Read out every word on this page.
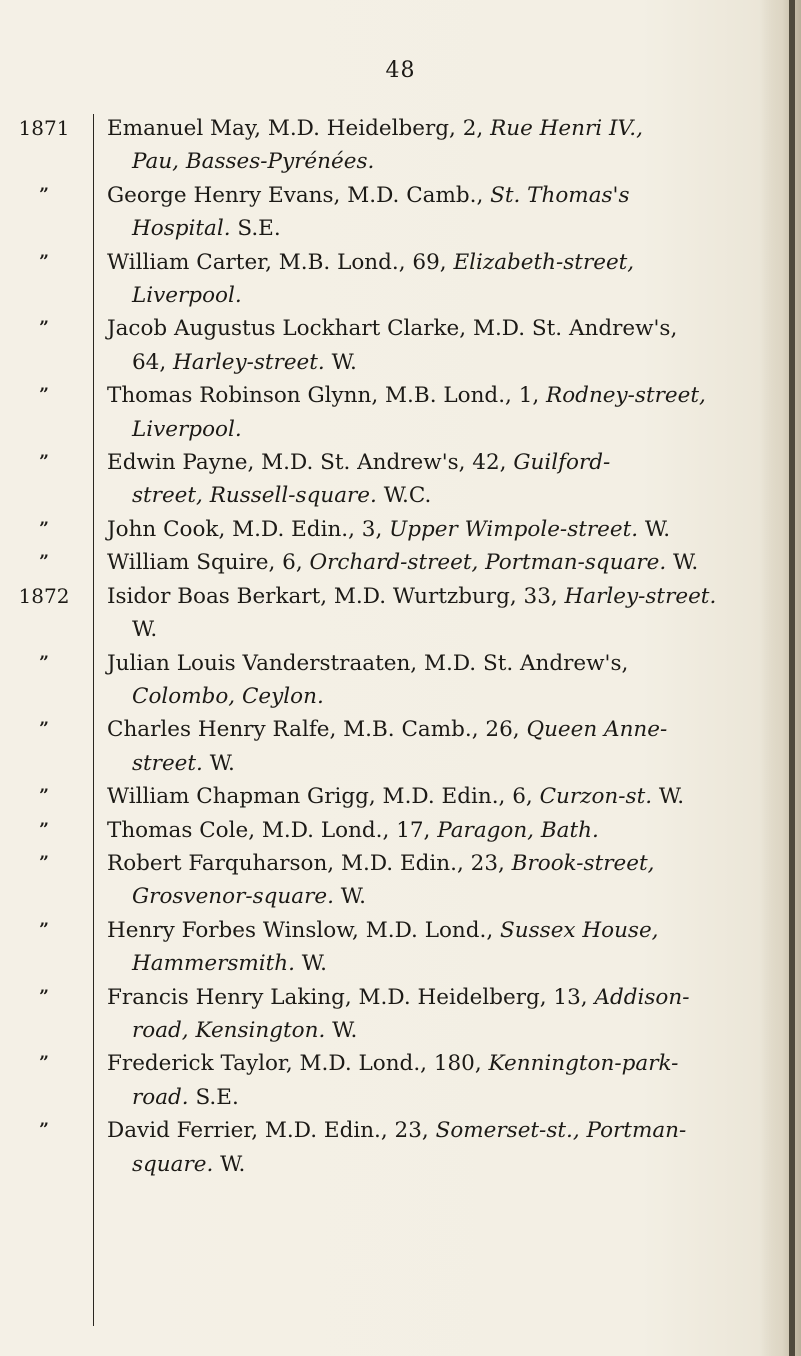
48
1871 Emanuel May, M.D. Heidelberg, 2, Rue Henri IV.,
Pau, Basses-Pyrénées.
”	George Henry Evans, M.D. Camb., St. Thomas's
Hospital. S.E.
”	William Carter, M.B. Lond., 69, Elizabeth-street,
Liverpool.
”	Jacob Augustus Lockhart Clarke, M.D. St. Andrew's,
64, Harley-street. W.
”	Thomas Robinson Glynn, M.B. Lond., 1, Rodney-street,
Liverpool.
”	Edwin Payne, M.D. St. Andrew's, 42, Guilford-
street, Russell-square. W.C.
”	John Cook, M.D. Edin., 3, Upper Wimpole-street. W.
”	William Squire, 6, Orchard-street, Portman-square. W.
1872 Isidor Boas Berkart, M.D. Wurtzburg, 33, Harley-street.
W.
”	Julian Louis Vanderstraaten, M.D. St. Andrew's,
Colombo, Ceylon.
”	Charles Henry Ralfe, M.B. Camb., 26, Queen Anne-
street. W.
”	William Chapman Grigg, M.D. Edin., 6, Curzon-st. W.
”	Thomas Cole, M.D. Lond., 17, Paragon, Bath.
”	Robert Farquharson, M.D. Edin., 23, Brook-street,
Grosvenor-square. W.
”	Henry Forbes Winslow, M.D. Lond., Sussex House,
Hammersmith. W.
”	Francis Henry Laking, M.D. Heidelberg, 13, Addison-
road, Kensington. W.
”	Frederick Taylor, M.D. Lond., 180, Kennington-park-
road. S.E.
”	David Ferrier, M.D. Edin., 23, Somerset-st., Portman-
square. W.
